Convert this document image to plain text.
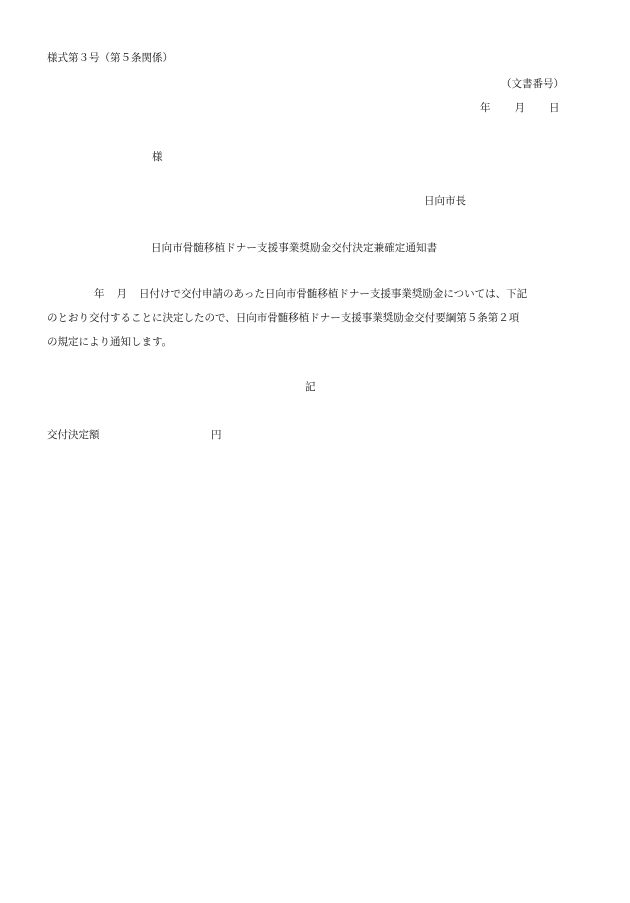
様式第３号（第５条関係）
（文書番号）
年 月 日
様
日向市長
日向市骨髄移植ドナー支援事業奨励金交付決定兼確定通知書
年 月 日付けで交付申請のあった日向市骨髄移植ドナー支援事業奨励金については、下記
のとおり交付することに決定したので、日向市骨髄移植ドナー支援事業奨励金交付要綱第５条第２項
の規定により通知します。
記
交付決定額	円
